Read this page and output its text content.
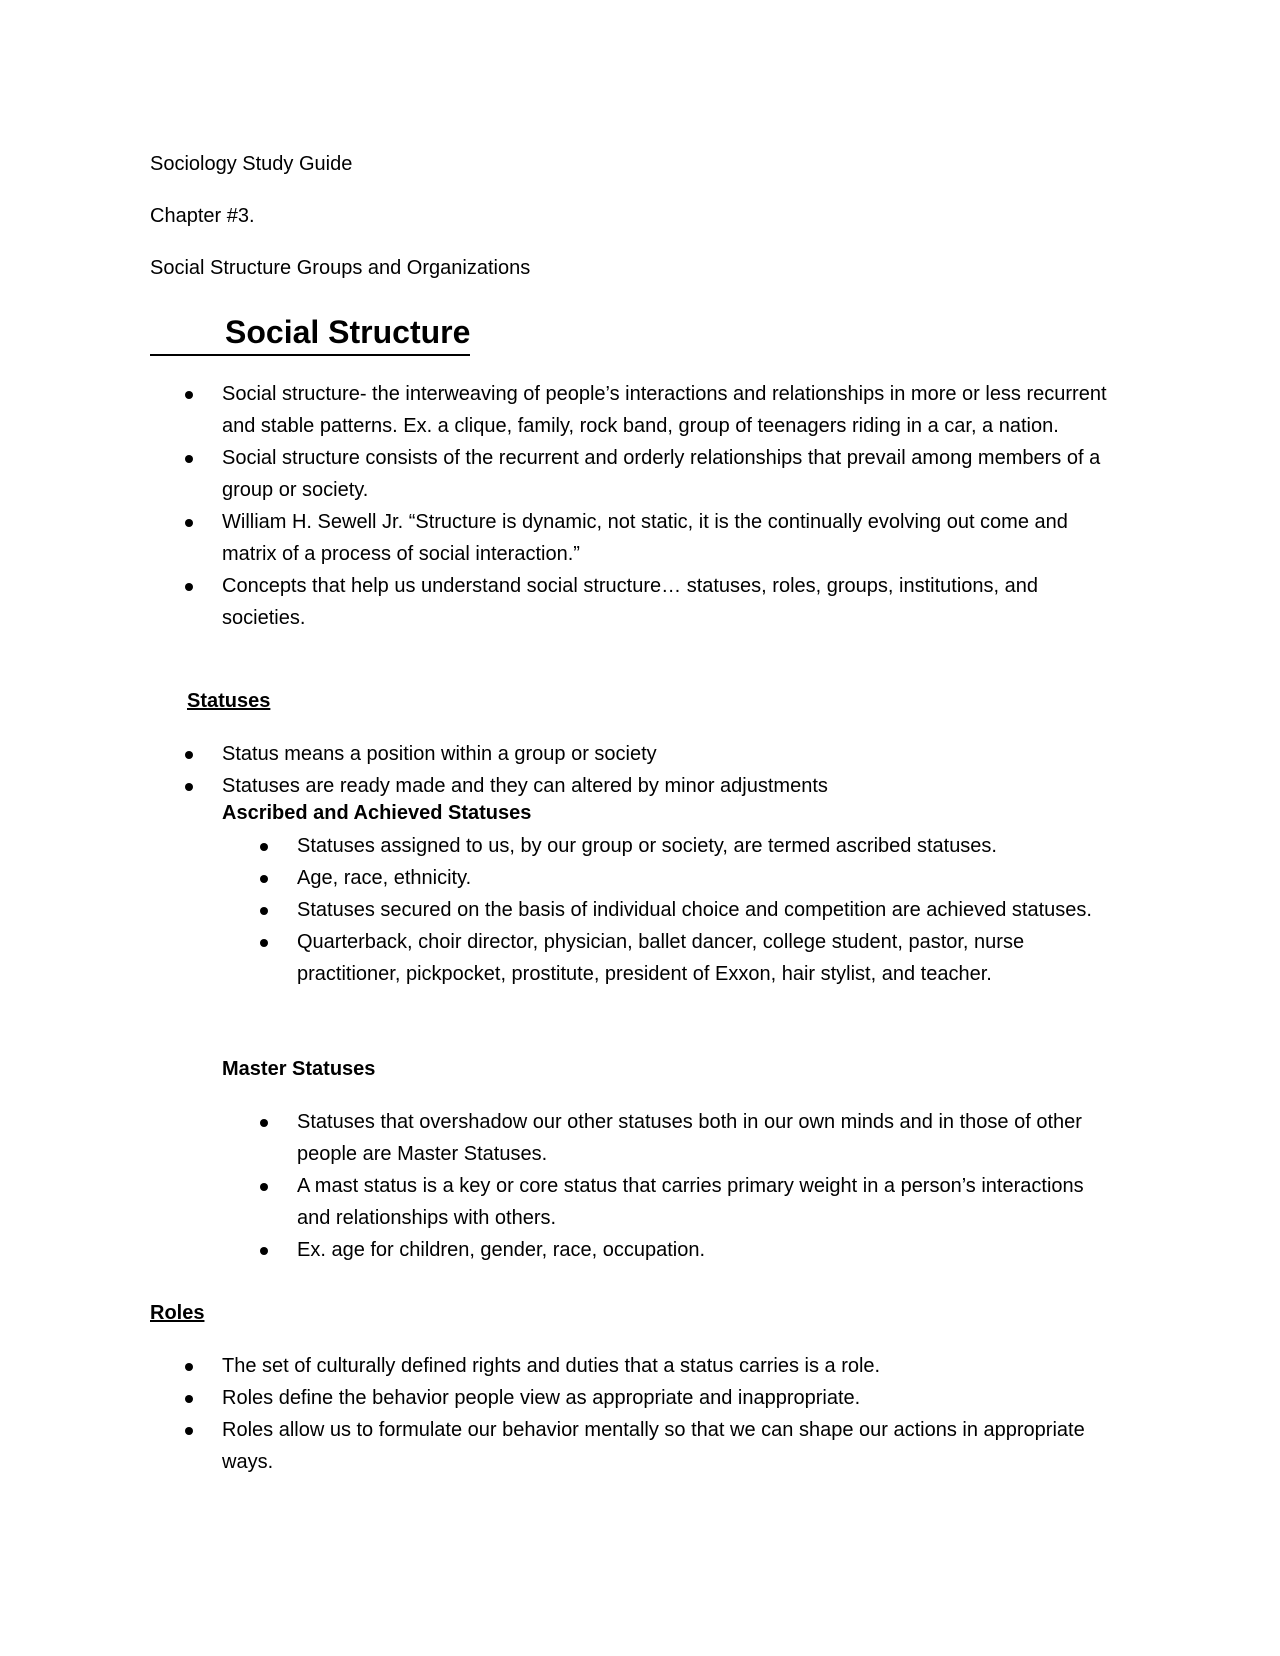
Sociology Study Guide
Chapter #3.
Social Structure Groups and Organizations
Social Structure
Social structure- the interweaving of people’s interactions and relationships in more or less recurrent and stable patterns. Ex. a clique, family, rock band, group of teenagers riding in a car, a nation.
Social structure consists of the recurrent and orderly relationships that prevail among members of a group or society.
William H. Sewell Jr. “Structure is dynamic, not static, it is the continually evolving out come and matrix of a process of social interaction.”
Concepts that help us understand social structure… statuses, roles, groups, institutions, and societies.
Statuses
Status means a position within a group or society
Statuses are ready made and they can altered by minor adjustments
Ascribed and Achieved Statuses
Statuses assigned to us, by our group or society, are termed ascribed statuses.
Age, race, ethnicity.
Statuses secured on the basis of individual choice and competition are achieved statuses.
Quarterback, choir director, physician, ballet dancer, college student, pastor, nurse practitioner, pickpocket, prostitute, president of Exxon, hair stylist, and teacher.
Master Statuses
Statuses that overshadow our other statuses both in our own minds and in those of other people are Master Statuses.
A mast status is a key or core status that carries primary weight in a person’s interactions and relationships with others.
Ex. age for children, gender, race, occupation.
Roles
The set of culturally defined rights and duties that a status carries is a role.
Roles define the behavior people view as appropriate and inappropriate.
Roles allow us to formulate our behavior mentally so that we can shape our actions in appropriate ways.
